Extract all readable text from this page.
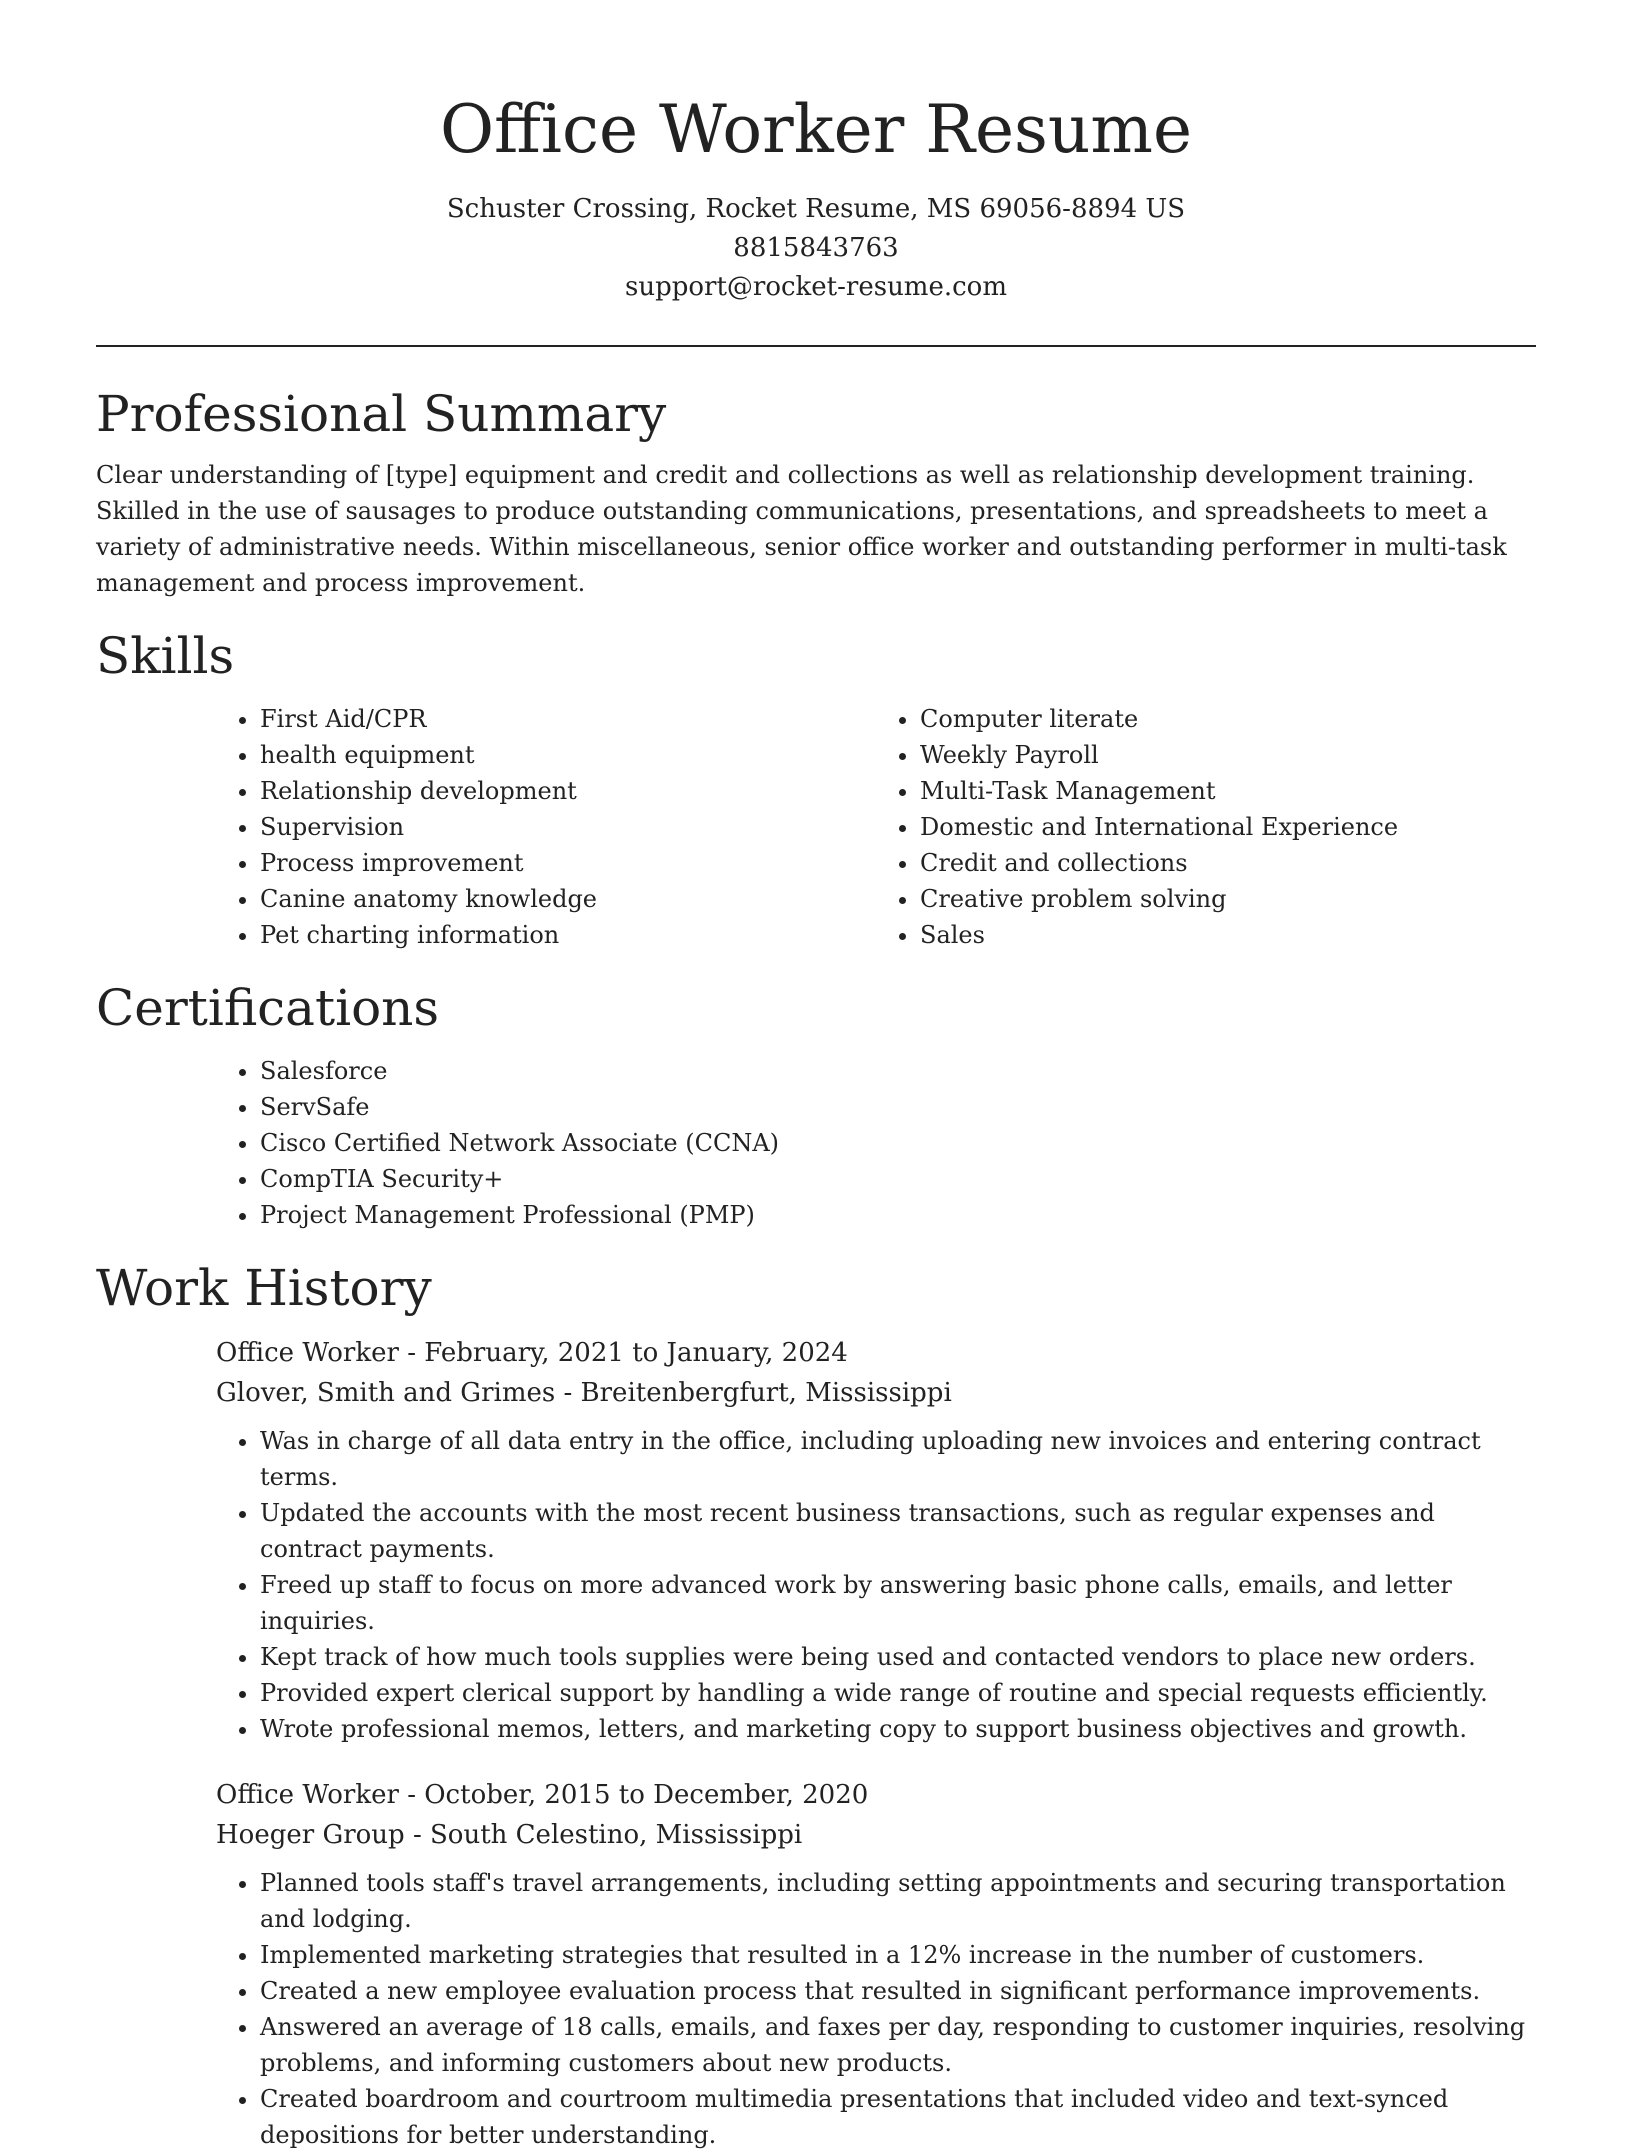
Office Worker Resume
Schuster Crossing, Rocket Resume, MS 69056-8894 US
8815843763
support@rocket-resume.com
Professional Summary

Clear understanding of [type] equipment and credit and collections as well as relationship development training. Skilled in the use of sausages to produce outstanding communications, presentations, and spreadsheets to meet a variety of administrative needs. Within miscellaneous, senior office worker and outstanding performer in multi-task management and process improvement.

Skills
• First Aid/CPR
• health equipment
• Relationship development
• Supervision
• Process improvement
• Canine anatomy knowledge
• Pet charting information
• Computer literate
• Weekly Payroll
• Multi-Task Management
• Domestic and International Experience
• Credit and collections
• Creative problem solving
• Sales
Certifications
• Salesforce
• ServSafe
• Cisco Certified Network Associate (CCNA)
• CompTIA Security+
• Project Management Professional (PMP)
Work History
Office Worker - February, 2021 to January, 2024
Glover, Smith and Grimes - Breitenbergfurt, Mississippi
• Was in charge of all data entry in the office, including uploading new invoices and entering contract terms.
• Updated the accounts with the most recent business transactions, such as regular expenses and contract payments.
• Freed up staff to focus on more advanced work by answering basic phone calls, emails, and letter inquiries.
• Kept track of how much tools supplies were being used and contacted vendors to place new orders.
• Provided expert clerical support by handling a wide range of routine and special requests efficiently.
• Wrote professional memos, letters, and marketing copy to support business objectives and growth.
Office Worker - October, 2015 to December, 2020
Hoeger Group - South Celestino, Mississippi
• Planned tools staff's travel arrangements, including setting appointments and securing transportation and lodging.
• Implemented marketing strategies that resulted in a 12% increase in the number of customers.
• Created a new employee evaluation process that resulted in significant performance improvements.
• Answered an average of 18 calls, emails, and faxes per day, responding to customer inquiries, resolving problems, and informing customers about new products.
• Created boardroom and courtroom multimedia presentations that included video and text-synced depositions for better understanding.
